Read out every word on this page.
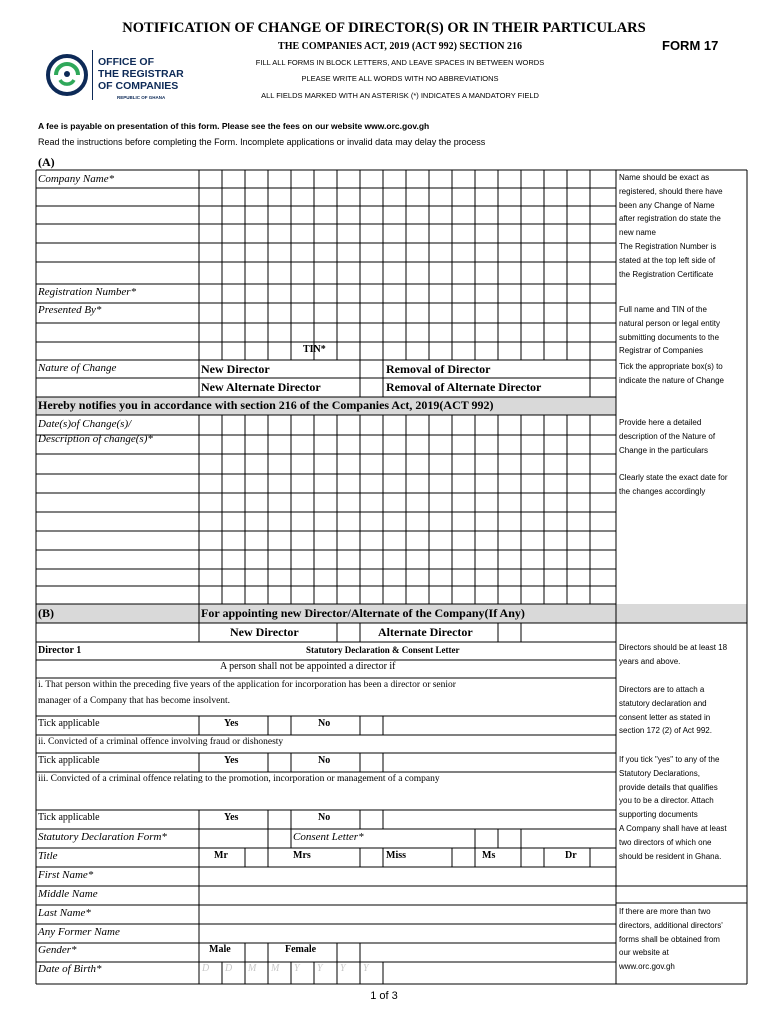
NOTIFICATION OF CHANGE OF DIRECTOR(S) OR IN THEIR PARTICULARS
FORM 17
THE COMPANIES ACT, 2019 (ACT 992) SECTION 216
FILL ALL FORMS IN BLOCK LETTERS, AND LEAVE SPACES IN BETWEEN WORDS
PLEASE WRITE ALL WORDS WITH NO ABBREVIATIONS
ALL FIELDS MARKED WITH AN ASTERISK (*) INDICATES A MANDATORY FIELD
OFFICE OF
THE REGISTRAR
OF COMPANIES
REPUBLIC OF GHANA
A fee is payable on presentation of this form. Please see the fees on our website www.orc.gov.gh
Read the instructions before completing the Form. Incomplete applications or invalid data may delay the process
(A)
Company Name*
Registration Number*
Presented By*
TIN*
Nature of Change	New Director	Removal of Director
New Alternate Director	Removal of Alternate Director
Hereby notifies you in accordance with section 216 of the Companies Act, 2019(ACT 992)
Date(s)of Change(s)/
Description of change(s)*
(B)	For appointing new Director/Alternate of the Company(If Any)
New Director	Alternate Director
Director 1	Statutory Declaration & Consent Letter
A person shall not be appointed a director if
i. That person within the preceding five years of the application for incorporation has been a director or senior
manager of a Company that has become insolvent.
Tick applicable	Yes	No
ii. Convicted of a criminal offence involving fraud or dishonesty
Tick applicable	Yes	No
iii. Convicted of a criminal offence relating to the promotion, incorporation or management of a company
Tick applicable	Yes	No
Statutory Declaration Form*	Consent Letter*
Title	Mr	Mrs	Miss	Ms	Dr
First Name*
Middle Name
Last Name*
Any Former Name
Gender*	Male	Female
Date of Birth*	D D M M Y Y Y Y
Name should be exact as
registered, should there have
been any Change of Name
after registration do state the
new name
The Registration Number is
stated at the top left side of
the Registration Certificate
Full name and TIN of the
natural person or legal entity
submitting documents to the
Registrar of Companies
Tick the appropriate box(s) to
indicate the nature of Change
Provide here a detailed
description of the Nature of
Change in the particulars
Clearly state the exact date for
the changes accordingly
Directors should be at least 18
years and above.
Directors are to attach a
statutory declaration and
consent letter as stated in
section 172 (2) of Act 992.
If you tick "yes" to any of the
Statutory Declarations,
provide details that qualifies
you to be a director. Attach
supporting documents
A Company shall have at least
two directors of which one
should be resident in Ghana.
If there are more than two
directors, additional directors'
forms shall be obtained from
our website at
www.orc.gov.gh
1 of 3
